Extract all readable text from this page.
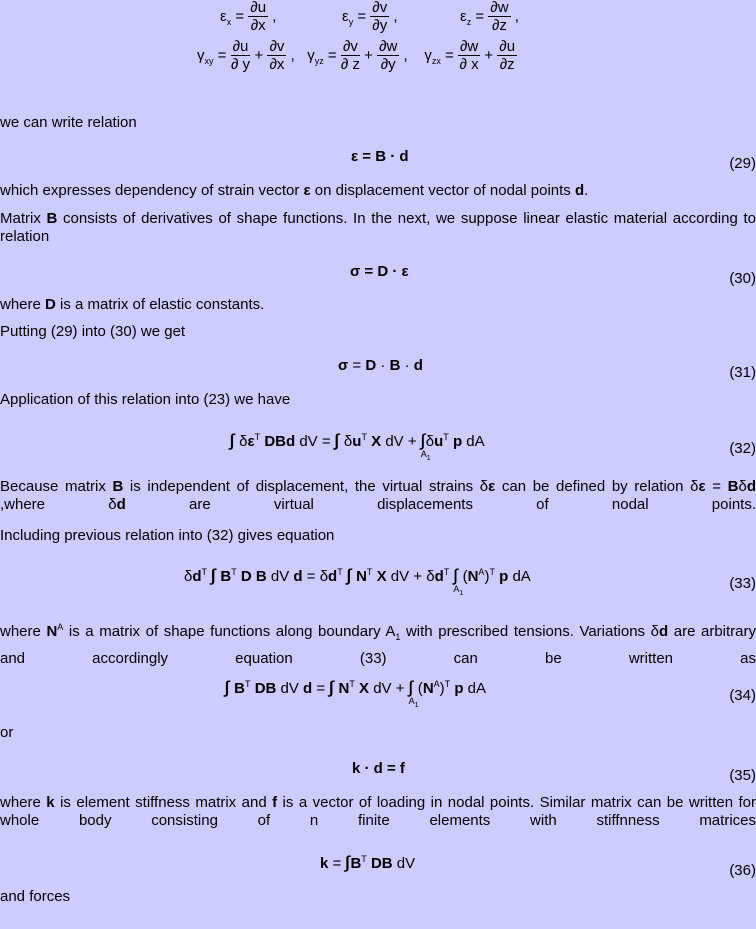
$\varepsilon_x = \frac{\partial u}{\partial x}$ ,	$\varepsilon_y = \frac{\partial v}{\partial y}$ ,	$\varepsilon_z = \frac{\partial w}{\partial z}$ ,
$\gamma_{xy} = \frac{\partial u}{\partial y} + \frac{\partial v}{\partial x}$ ,   $\gamma_{yz} = \frac{\partial v}{\partial z} + \frac{\partial w}{\partial y}$ ,    $\gamma_{zx} = \frac{\partial w}{\partial x} + \frac{\partial u}{\partial z}$
we can write relation
ε = B · d	(29)
which expresses dependency of strain vector ε on displacement vector of nodal points d.
Matrix B consists of derivatives of shape functions. In the next, we suppose linear elastic material according to relation
σ = D · ε	(30)
where D is a matrix of elastic constants.
Putting (29) into (30) we get
σ = D · B · d	(31)
Application of this relation into (23) we have
$\delta\varepsilon^T$ DBd dV = $\delta u^T$ X dV +
$A_1$
$\delta u^T$ p dA	(32)
Because matrix B is independent of displacement, the virtual strains δε can be defined by relation δε = Bδd ,where δd are virtual displacements of nodal points.
Including previous relation into (32) gives equation
$\delta d^T$ $B^T$ D B dV $d = \delta d^T$ $N^T$ X dV + $\delta d^T$
$A_1$
$(N^A)^T$ p dA	(33)
where $N^A$ is a matrix of shape functions along boundary $A_1$ with prescribed tensions. Variations δd are arbitrary and accordingly equation (33) can be written as
$B^T$ DB dV $d = N^T$ X dV +
$A_1$
$(N^A)^T$ p dA	(34)
or
k · d = f	(35)
where k is element stiffness matrix and f is a vector of loading in nodal points. Similar matrix can be written for whole body consisting of n finite elements with stiffnness matrices
$k = B^T$ DB dV	(36)
and forces
